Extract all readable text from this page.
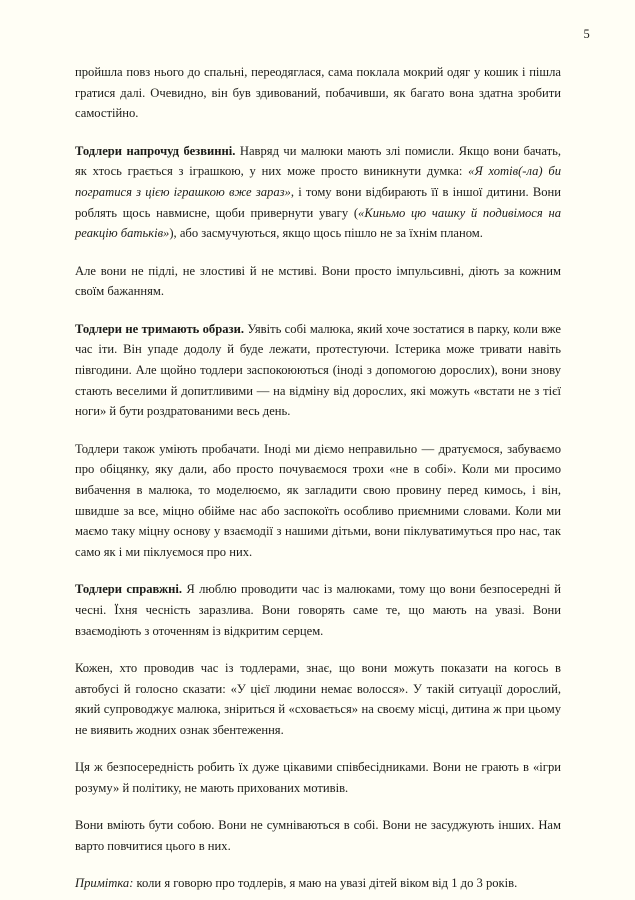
5

пройшла повз нього до спальні, переодяглася, сама поклала мокрий одяг у кошик і пішла гратися далі. Очевидно, він був здивований, побачивши, як багато вона здатна зробити самостійно.

Тодлери напрочуд безвинні. Навряд чи малюки мають злі помисли. Якщо вони бачать, як хтось грається з іграшкою, у них може просто виникнути думка: «Я хотів(-ла) би погратися з цією іграшкою вже зараз», і тому вони відбирають її в іншої дитини. Вони роблять щось навмисне, щоби привернути увагу («Киньмо цю чашку й подивімося на реакцію батьків»), або засмучуються, якщо щось пішло не за їхнім планом.

Але вони не підлі, не злостиві й не мстиві. Вони просто імпульсивні, діють за кожним своїм бажанням.

Тодлери не тримають образи. Уявіть собі малюка, який хоче зостатися в парку, коли вже час іти. Він упаде додолу й буде лежати, протестуючи. Істерика може тривати навіть півгодини. Але щойно тодлери заспокоюються (іноді з допомогою дорослих), вони знову стають веселими й допитливими — на відміну від дорослих, які можуть «встати не з тієї ноги» й бути роздратованими весь день.

Тодлери також уміють пробачати. Іноді ми діємо неправильно — дратуємося, забуваємо про обіцянку, яку дали, або просто почуваємося трохи «не в собі». Коли ми просимо вибачення в малюка, то моделюємо, як загладити свою провину перед кимось, і він, швидше за все, міцно обійме нас або заспокоїть особливо приємними словами. Коли ми маємо таку міцну основу у взаємодії з нашими дітьми, вони піклуватимуться про нас, так само як і ми піклуємося про них.

Тодлери справжні. Я люблю проводити час із малюками, тому що вони безпосередні й чесні. Їхня чесність заразлива. Вони говорять саме те, що мають на увазі. Вони взаємодіють з оточенням із відкритим серцем.

Кожен, хто проводив час із тодлерами, знає, що вони можуть показати на когось в автобусі й голосно сказати: «У цієї людини немає волосся». У такій ситуації дорослий, який супроводжує малюка, зніриться й «сховається» на своєму місці, дитина ж при цьому не виявить жодних ознак збентеження.

Ця ж безпосередність робить їх дуже цікавими співбесідниками. Вони не грають в «ігри розуму» й політику, не мають прихованих мотивів.

Вони вміють бути собою. Вони не сумніваються в собі. Вони не засуджують інших. Нам варто повчитися цього в них.

Примітка: коли я говорю про тодлерів, я маю на увазі дітей віком від 1 до 3 років.
